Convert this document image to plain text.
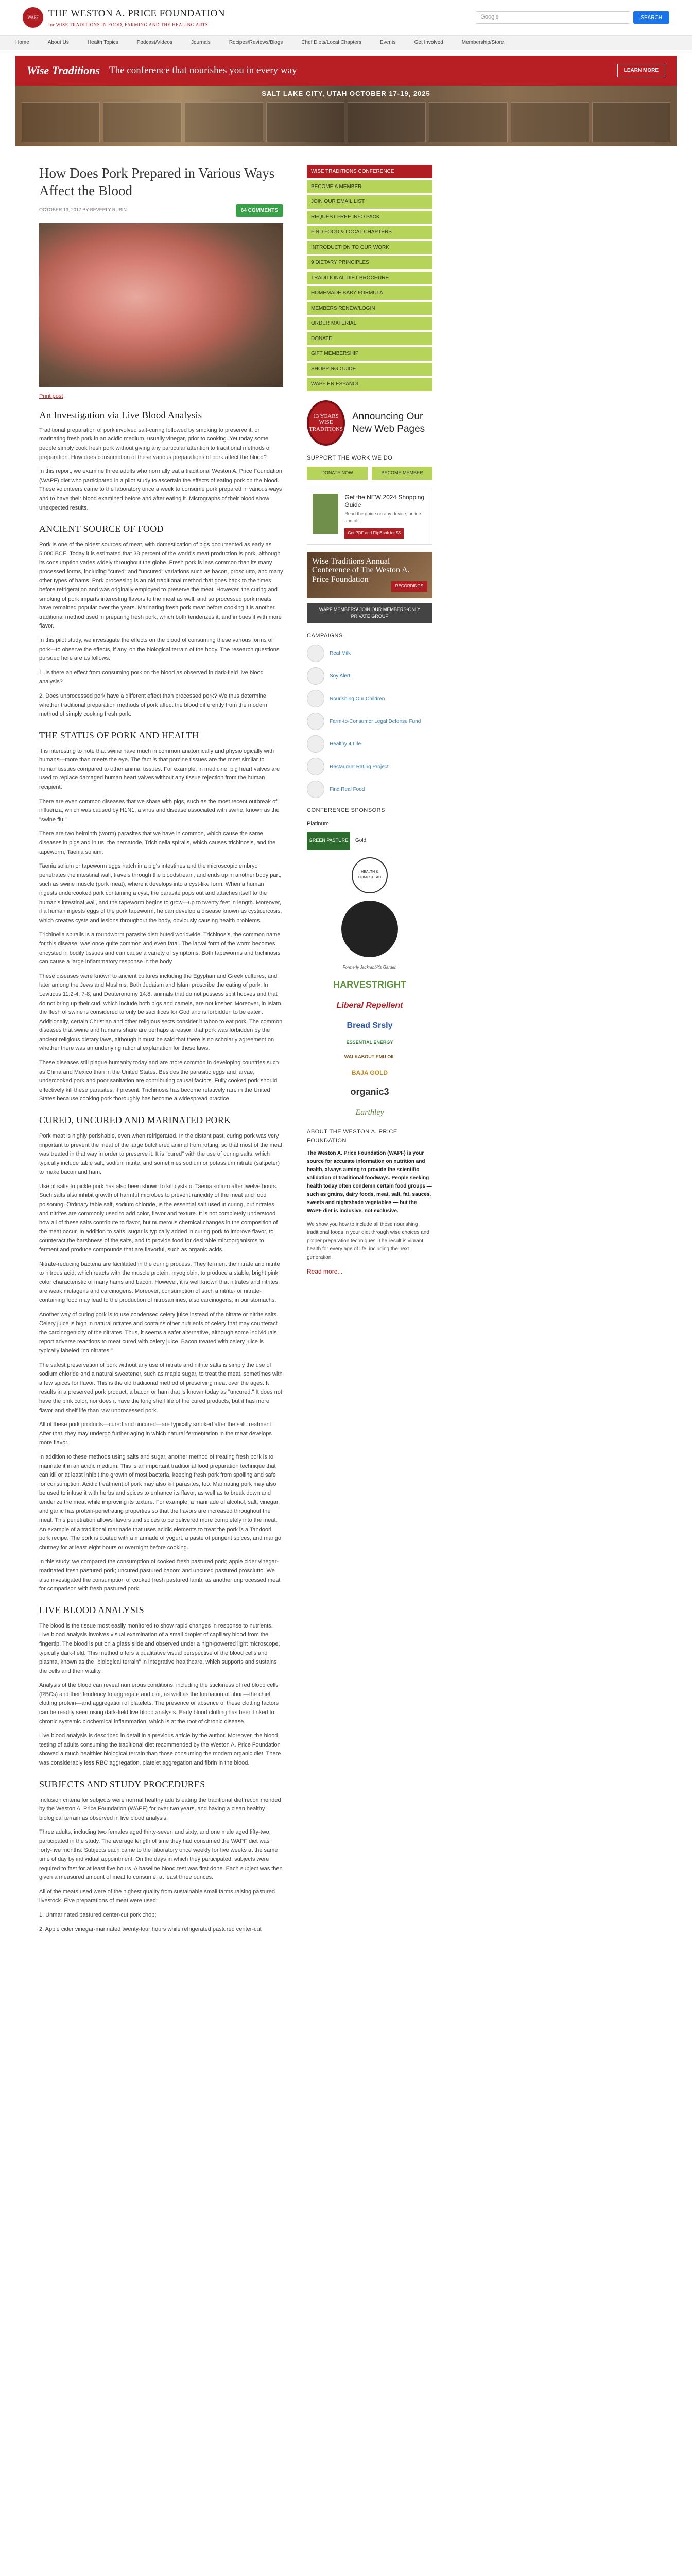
WAPF	THE WESTON A. PRICE FOUNDATION
for WISE TRADITIONS IN FOOD, FARMING AND THE HEALING ARTS
Google	SEARCH
Home	About Us	Health Topics	Podcast/Videos	Journals	Recipes/Reviews/Blogs	Chef Diets/Local Chapters	Events	Get Involved	Membership/Store
Wise Traditions The conference that nourishes you in every way	LEARN MORE
SALT LAKE CITY, UTAH OCTOBER 17-19, 2025
How Does Pork Prepared in Various Ways Affect the Blood
OCTOBER 13, 2017 BY BEVERLY RUBIN	64 COMMENTS
Print post
An Investigation via Live Blood Analysis

Traditional preparation of pork involved salt-curing followed by smoking to preserve it, or marinating fresh pork in an acidic medium, usually vinegar, prior to cooking. Yet today some people simply cook fresh pork without giving any particular attention to traditional methods of preparation. How does consumption of these various preparations of pork affect the blood?

In this report, we examine three adults who normally eat a traditional Weston A. Price Foundation (WAPF) diet who participated in a pilot study to ascertain the effects of eating pork on the blood. These volunteers came to the laboratory once a week to consume pork prepared in various ways and to have their blood examined before and after eating it. Micrographs of their blood show unexpected results.

ANCIENT SOURCE OF FOOD

Pork is one of the oldest sources of meat, with domestication of pigs documented as early as 5,000 BCE. Today it is estimated that 38 percent of the world's meat production is pork, although its consumption varies widely throughout the globe. Fresh pork is less common than its many processed forms, including "cured" and "uncured" variations such as bacon, prosciutto, and many other types of hams. Pork processing is an old traditional method that goes back to the times before refrigeration and was originally employed to preserve the meat. However, the curing and smoking of pork imparts interesting flavors to the meat as well, and so processed pork meats have remained popular over the years. Marinating fresh pork meat before cooking it is another traditional method used in preparing fresh pork, which both tenderizes it, and imbues it with more flavor.

In this pilot study, we investigate the effects on the blood of consuming these various forms of pork—to observe the effects, if any, on the biological terrain of the body. The research questions pursued here are as follows:

1. Is there an effect from consuming pork on the blood as observed in dark-field live blood analysis?

2. Does unprocessed pork have a different effect than processed pork? We thus determine whether traditional preparation methods of pork affect the blood differently from the modern method of simply cooking fresh pork.

THE STATUS OF PORK AND HEALTH

It is interesting to note that swine have much in common anatomically and physiologically with humans—more than meets the eye. The fact is that porcine tissues are the most similar to human tissues compared to other animal tissues. For example, in medicine, pig heart valves are used to replace damaged human heart valves without any tissue rejection from the human recipient.

There are even common diseases that we share with pigs, such as the most recent outbreak of influenza, which was caused by H1N1, a virus and disease associated with swine, known as the "swine flu."

There are two helminth (worm) parasites that we have in common, which cause the same diseases in pigs and in us: the nematode, Trichinella spiralis, which causes trichinosis, and the tapeworm, Taenia solium.

Taenia solium or tapeworm eggs hatch in a pig's intestines and the microscopic embryo penetrates the intestinal wall, travels through the bloodstream, and ends up in another body part, such as swine muscle (pork meat), where it develops into a cyst-like form. When a human ingests undercooked pork containing a cyst, the parasite pops out and attaches itself to the human's intestinal wall, and the tapeworm begins to grow—up to twenty feet in length. Moreover, if a human ingests eggs of the pork tapeworm, he can develop a disease known as cysticercosis, which creates cysts and lesions throughout the body, obviously causing health problems.

Trichinella spiralis is a roundworm parasite distributed worldwide. Trichinosis, the common name for this disease, was once quite common and even fatal. The larval form of the worm becomes encysted in bodily tissues and can cause a variety of symptoms. Both tapeworms and trichinosis can cause a large inflammatory response in the body.

These diseases were known to ancient cultures including the Egyptian and Greek cultures, and later among the Jews and Muslims. Both Judaism and Islam proscribe the eating of pork. In Leviticus 11:2-4, 7-8, and Deuteronomy 14:8, animals that do not possess split hooves and that do not bring up their cud, which include both pigs and camels, are not kosher. Moreover, in Islam, the flesh of swine is considered to only be sacrifices for God and is forbidden to be eaten. Additionally, certain Christian and other religious sects consider it taboo to eat pork. The common diseases that swine and humans share are perhaps a reason that pork was forbidden by the ancient religious dietary laws, although it must be said that there is no scholarly agreement on whether there was an underlying rational explanation for these laws.

These diseases still plague humanity today and are more common in developing countries such as China and Mexico than in the United States. Besides the parasitic eggs and larvae, undercooked pork and poor sanitation are contributing causal factors. Fully cooked pork should effectively kill these parasites, if present. Trichinosis has become relatively rare in the United States because cooking pork thoroughly has become a widespread practice.

CURED, UNCURED AND MARINATED PORK

Pork meat is highly perishable, even when refrigerated. In the distant past, curing pork was very important to prevent the meat of the large butchered animal from rotting, so that most of the meat was treated in that way in order to preserve it. It is "cured" with the use of curing salts, which typically include table salt, sodium nitrite, and sometimes sodium or potassium nitrate (saltpeter) to make bacon and ham.

Use of salts to pickle pork has also been shown to kill cysts of Taenia solium after twelve hours. Such salts also inhibit growth of harmful microbes to prevent rancidity of the meat and food poisoning. Ordinary table salt, sodium chloride, is the essential salt used in curing, but nitrates and nitrites are commonly used to add color, flavor and texture. It is not completely understood how all of these salts contribute to flavor, but numerous chemical changes in the composition of the meat occur. In addition to salts, sugar is typically added in curing pork to improve flavor, to counteract the harshness of the salts, and to provide food for desirable microorganisms to ferment and produce compounds that are flavorful, such as organic acids.

Nitrate-reducing bacteria are facilitated in the curing process. They ferment the nitrate and nitrite to nitrous acid, which reacts with the muscle protein, myoglobin, to produce a stable, bright pink color characteristic of many hams and bacon. However, it is well known that nitrates and nitrites are weak mutagens and carcinogens. Moreover, consumption of such a nitrite- or nitrate-containing food may lead to the production of nitrosamines, also carcinogens, in our stomachs.

Another way of curing pork is to use condensed celery juice instead of the nitrate or nitrite salts. Celery juice is high in natural nitrates and contains other nutrients of celery that may counteract the carcinogenicity of the nitrates. Thus, it seems a safer alternative, although some individuals report adverse reactions to meat cured with celery juice. Bacon treated with celery juice is typically labeled "no nitrates."

The safest preservation of pork without any use of nitrate and nitrite salts is simply the use of sodium chloride and a natural sweetener, such as maple sugar, to treat the meat, sometimes with a few spices for flavor. This is the old traditional method of preserving meat over the ages. It results in a preserved pork product, a bacon or ham that is known today as "uncured." It does not have the pink color, nor does it have the long shelf life of the cured products, but it has more flavor and shelf life than raw unprocessed pork.

All of these pork products—cured and uncured—are typically smoked after the salt treatment. After that, they may undergo further aging in which natural fermentation in the meat develops more flavor.

In addition to these methods using salts and sugar, another method of treating fresh pork is to marinate it in an acidic medium. This is an important traditional food preparation technique that can kill or at least inhibit the growth of most bacteria, keeping fresh pork from spoiling and safe for consumption. Acidic treatment of pork may also kill parasites, too. Marinating pork may also be used to infuse it with herbs and spices to enhance its flavor, as well as to break down and tenderize the meat while improving its texture. For example, a marinade of alcohol, salt, vinegar, and garlic has protein-penetrating properties so that the flavors are increased throughout the meat. This penetration allows flavors and spices to be delivered more completely into the meat. An example of a traditional marinade that uses acidic elements to treat the pork is a Tandoori pork recipe. The pork is coated with a marinade of yogurt, a paste of pungent spices, and mango chutney for at least eight hours or overnight before cooking.

In this study, we compared the consumption of cooked fresh pastured pork; apple cider vinegar-marinated fresh pastured pork; uncured pastured bacon; and uncured pastured prosciutto. We also investigated the consumption of cooked fresh pastured lamb, as another unprocessed meat for comparison with fresh pastured pork.

LIVE BLOOD ANALYSIS

The blood is the tissue most easily monitored to show rapid changes in response to nutrients. Live blood analysis involves visual examination of a small droplet of capillary blood from the fingertip. The blood is put on a glass slide and observed under a high-powered light microscope, typically dark-field. This method offers a qualitative visual perspective of the blood cells and plasma, known as the "biological terrain" in integrative healthcare, which supports and sustains the cells and their vitality.

Analysis of the blood can reveal numerous conditions, including the stickiness of red blood cells (RBCs) and their tendency to aggregate and clot, as well as the formation of fibrin—the chief clotting protein—and aggregation of platelets. The presence or absence of these clotting factors can be readily seen using dark-field live blood analysis. Early blood clotting has been linked to chronic systemic biochemical inflammation, which is at the root of chronic disease.

Live blood analysis is described in detail in a previous article by the author. Moreover, the blood testing of adults consuming the traditional diet recommended by the Weston A. Price Foundation showed a much healthier biological terrain than those consuming the modern organic diet. There was considerably less RBC aggregation, platelet aggregation and fibrin in the blood.

SUBJECTS AND STUDY PROCEDURES

Inclusion criteria for subjects were normal healthy adults eating the traditional diet recommended by the Weston A. Price Foundation (WAPF) for over two years, and having a clean healthy biological terrain as observed in live blood analysis.

Three adults, including two females aged thirty-seven and sixty, and one male aged fifty-two, participated in the study. The average length of time they had consumed the WAPF diet was forty-five months. Subjects each came to the laboratory once weekly for five weeks at the same time of day by individual appointment. On the days in which they participated, subjects were required to fast for at least five hours. A baseline blood test was first done. Each subject was then given a measured amount of meat to consume, at least three ounces.

All of the meats used were of the highest quality from sustainable small farms raising pastured livestock. Five preparations of meat were used:

1. Unmarinated pastured center-cut pork chop;

2. Apple cider vinegar-marinated twenty-four hours while refrigerated pastured center-cut

WISE TRADITIONS CONFERENCE
BECOME A MEMBER
JOIN OUR EMAIL LIST
REQUEST FREE INFO PACK
FIND FOOD & LOCAL CHAPTERS
INTRODUCTION TO OUR WORK
9 DIETARY PRINCIPLES
TRADITIONAL DIET BROCHURE
HOMEMADE BABY FORMULA
MEMBERS RENEW/LOGIN
ORDER MATERIAL
DONATE
GIFT MEMBERSHIP
SHOPPING GUIDE
WAPF EN ESPAÑOL
13 YEARS WISE TRADITIONS
Announcing Our New Web Pages
SUPPORT THE WORK WE DO
DONATE NOW	BECOME MEMBER
Get the NEW 2024 Shopping Guide
Read the guide on any device, online and off.
Get PDF and FlipBook for $5
Wise Traditions Annual Conference of The Weston A. Price Foundation
RECORDINGS
WAPF MEMBERS! JOIN OUR MEMBERS-ONLY PRIVATE GROUP
CAMPAIGNS
Real Milk
Soy Alert!
Nourishing Our Children
Farm-to-Consumer Legal Defense Fund
Healthy 4 Life
Restaurant Rating Project
Find Real Food
CONFERENCE SPONSORS
Platinum
GREEN PASTURE	Gold
HEALTH & HOMESTEAD
Formerly Jackrabbit's Garden
HARVESTRIGHT
Liberal Repellent
Bread Srsly
ESSENTIAL ENERGY
WALKABOUT EMU OIL
BAJA GOLD
organic3
Earthley
ABOUT THE WESTON A. PRICE FOUNDATION

The Weston A. Price Foundation (WAPF) is your source for accurate information on nutrition and health, always aiming to provide the scientific validation of traditional foodways. People seeking health today often condemn certain food groups — such as grains, dairy foods, meat, salt, fat, sauces, sweets and nightshade vegetables — but the WAPF diet is inclusive, not exclusive.

We show you how to include all these nourishing traditional foods in your diet through wise choices and proper preparation techniques. The result is vibrant health for every age of life, including the next generation.

Read more...
